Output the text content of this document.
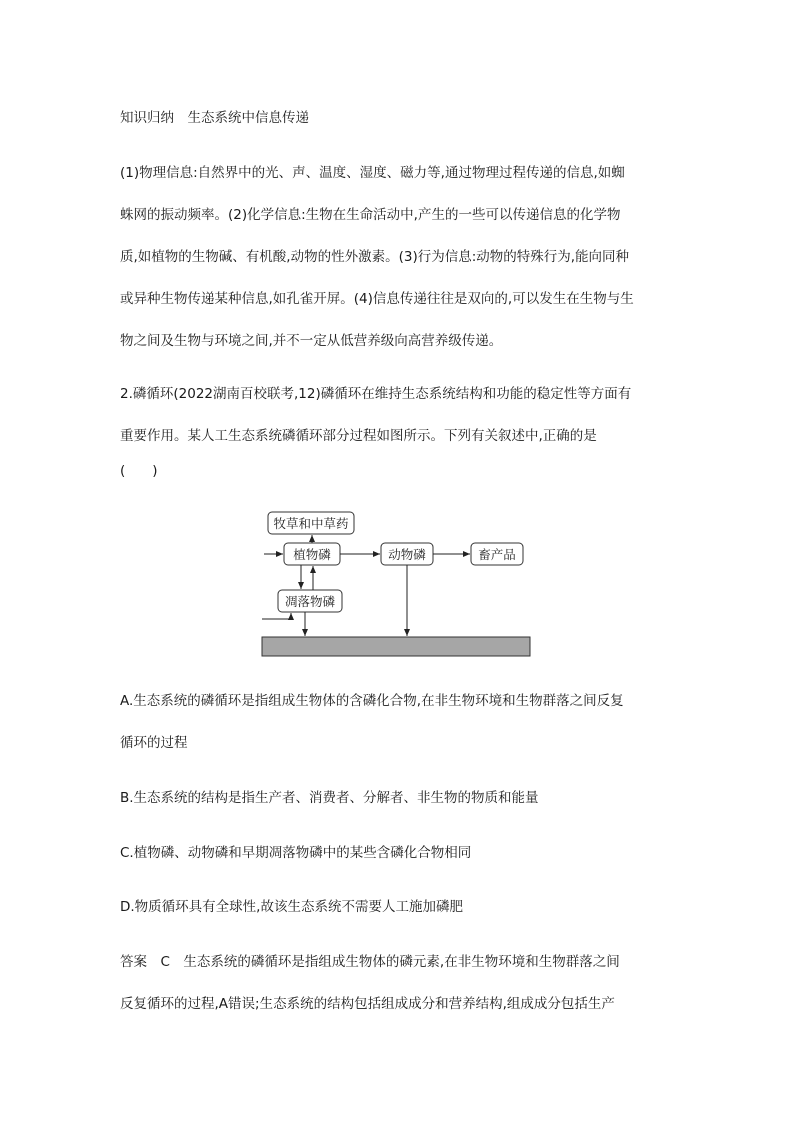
知识归纳　生态系统中信息传递
(1)物理信息:自然界中的光、声、温度、湿度、磁力等,通过物理过程传递的信息,如蜘
蛛网的振动频率。(2)化学信息:生物在生命活动中,产生的一些可以传递信息的化学物
质,如植物的生物碱、有机酸,动物的性外激素。(3)行为信息:动物的特殊行为,能向同种
或异种生物传递某种信息,如孔雀开屏。(4)信息传递往往是双向的,可以发生在生物与生
物之间及生物与环境之间,并不一定从低营养级向高营养级传递。
2.磷循环(2022湖南百校联考,12)磷循环在维持生态系统结构和功能的稳定性等方面有
重要作用。某人工生态系统磷循环部分过程如图所示。下列有关叙述中,正确的是
(　　)
牧草和中草药
植物磷	动物磷	畜产品
凋落物磷
A.生态系统的磷循环是指组成生物体的含磷化合物,在非生物环境和生物群落之间反复
循环的过程
B.生态系统的结构是指生产者、消费者、分解者、非生物的物质和能量
C.植物磷、动物磷和早期凋落物磷中的某些含磷化合物相同
D.物质循环具有全球性,故该生态系统不需要人工施加磷肥
答案　C　生态系统的磷循环是指组成生物体的磷元素,在非生物环境和生物群落之间
反复循环的过程,A错误;生态系统的结构包括组成成分和营养结构,组成成分包括生产
